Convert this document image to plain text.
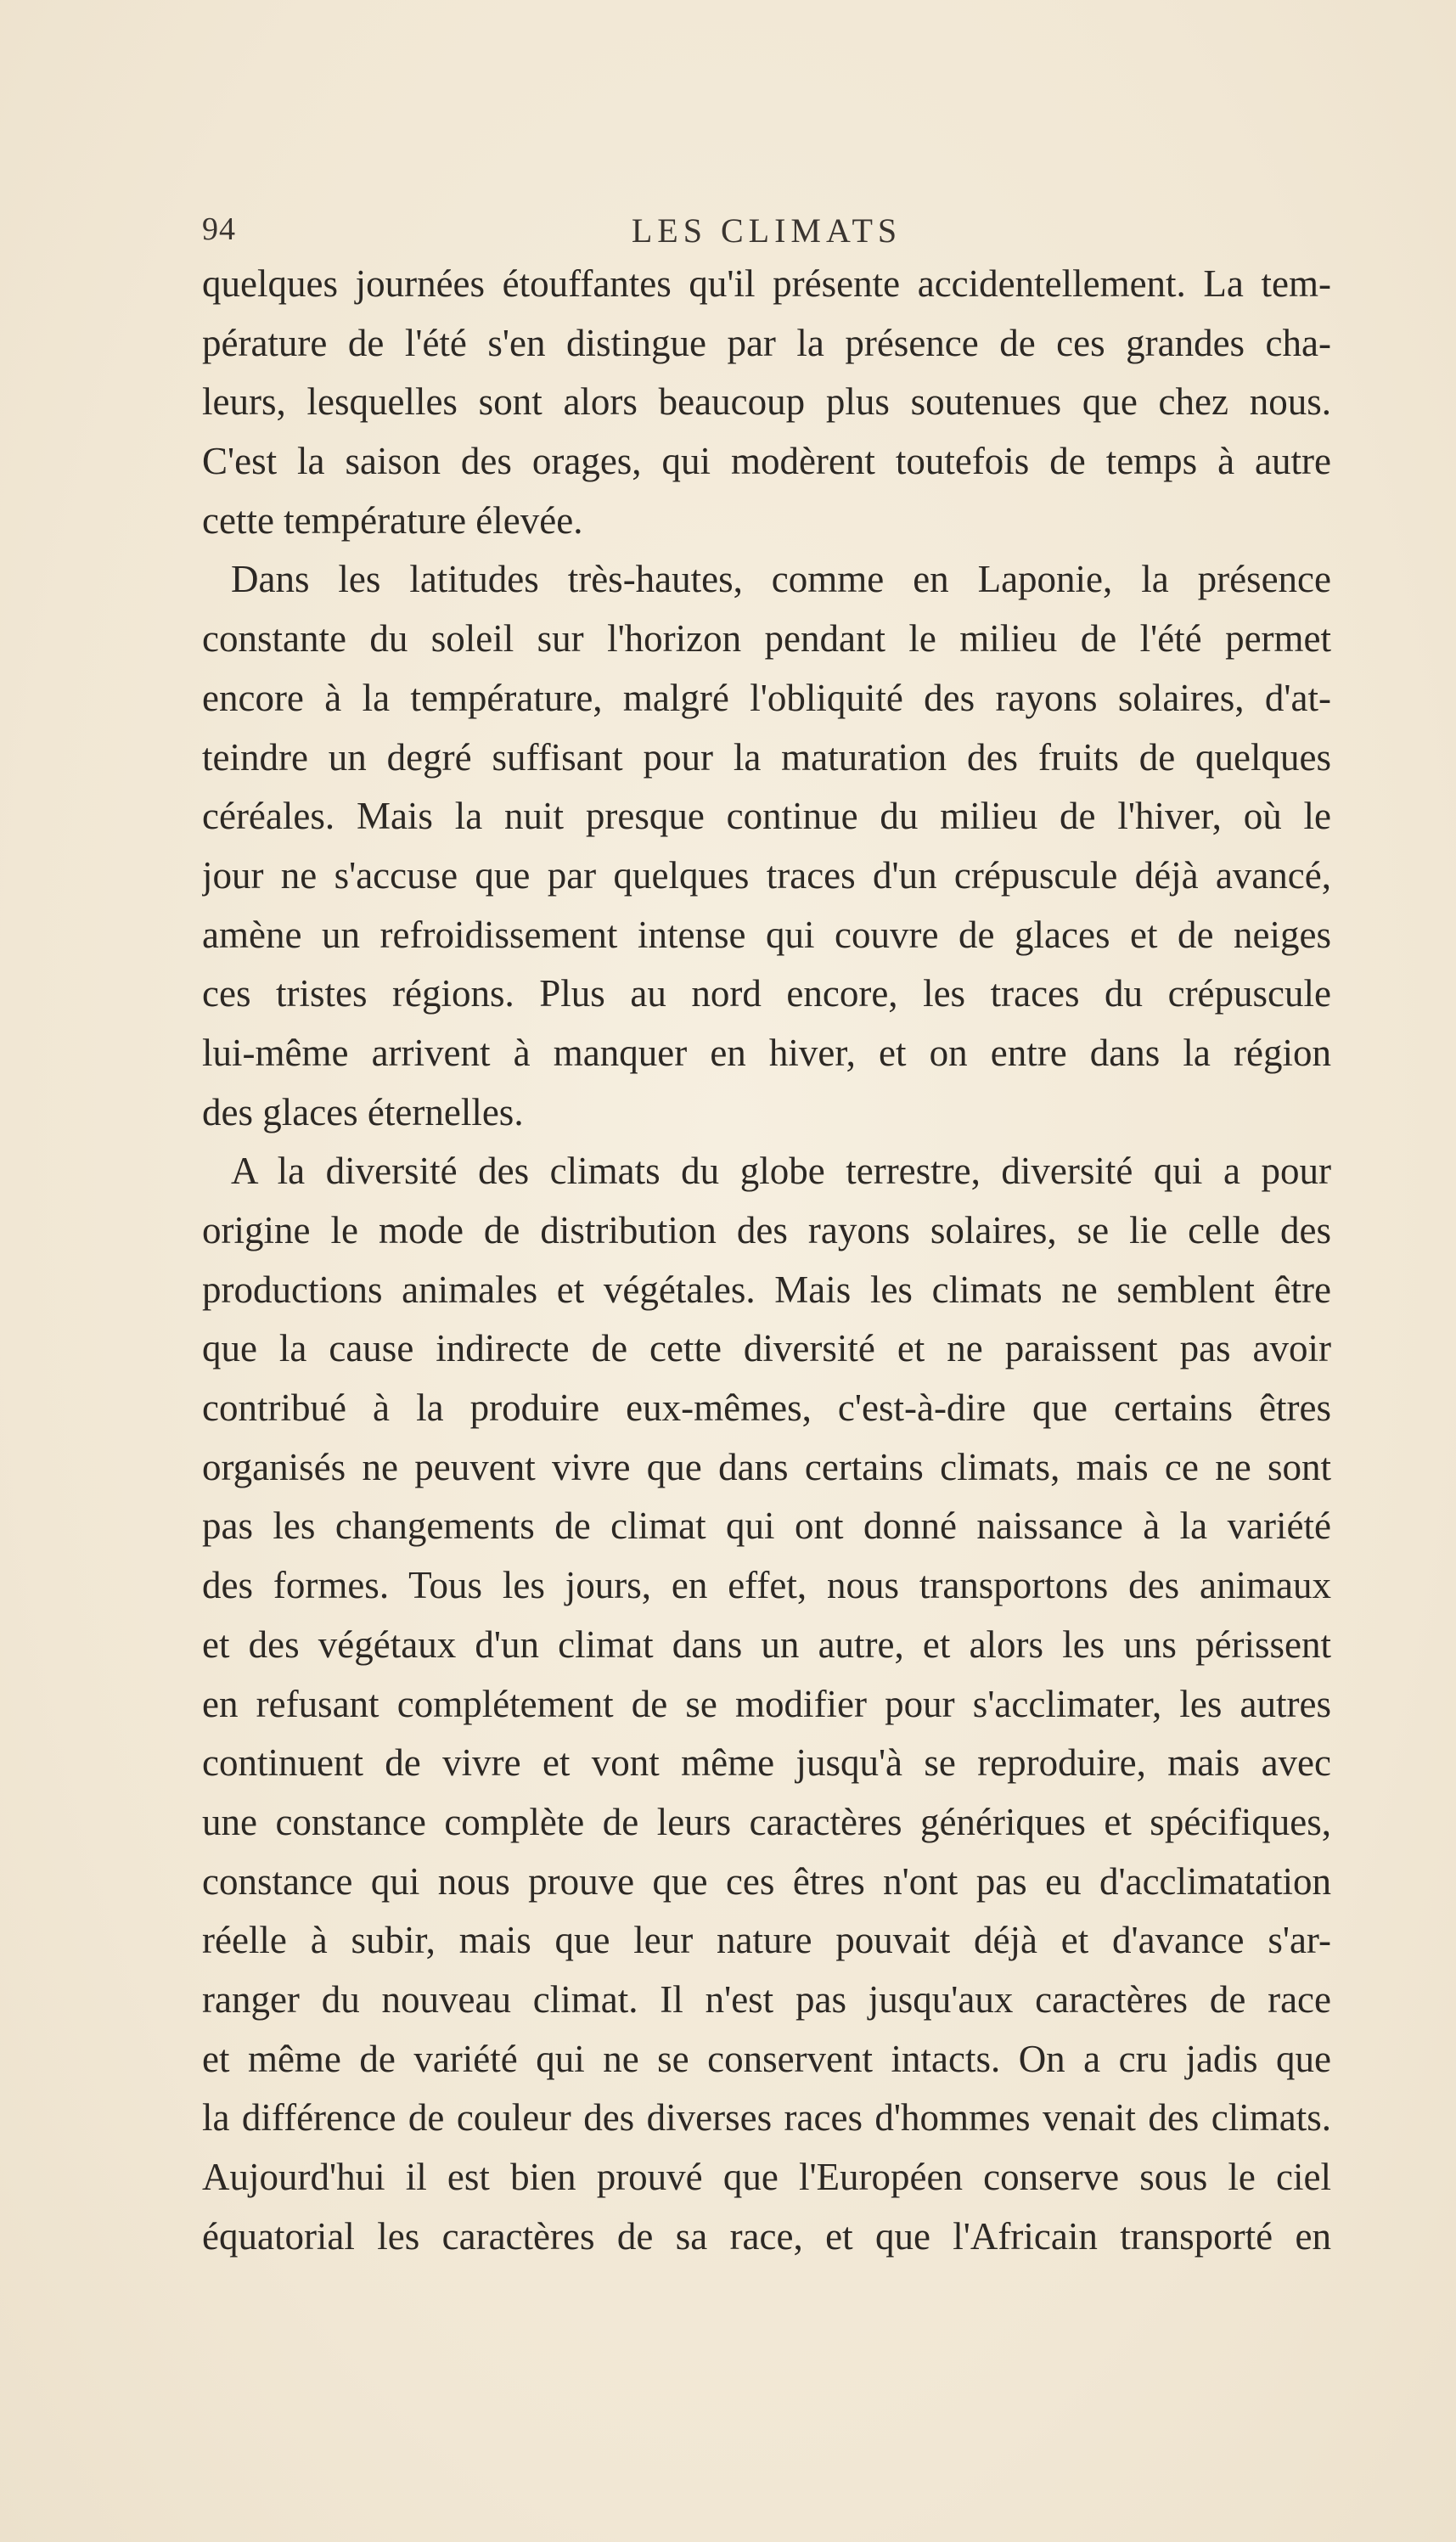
94	LES CLIMATS
quelques journées étouffantes qu'il présente accidentellement. La tem-
pérature de l'été s'en distingue par la présence de ces grandes cha-
leurs, lesquelles sont alors beaucoup plus soutenues que chez nous.
C'est la saison des orages, qui modèrent toutefois de temps à autre
cette température élevée.
Dans les latitudes très-hautes, comme en Laponie, la présence
constante du soleil sur l'horizon pendant le milieu de l'été permet
encore à la température, malgré l'obliquité des rayons solaires, d'at-
teindre un degré suffisant pour la maturation des fruits de quelques
céréales. Mais la nuit presque continue du milieu de l'hiver, où le
jour ne s'accuse que par quelques traces d'un crépuscule déjà avancé,
amène un refroidissement intense qui couvre de glaces et de neiges
ces tristes régions. Plus au nord encore, les traces du crépuscule
lui-même arrivent à manquer en hiver, et on entre dans la région
des glaces éternelles.
A la diversité des climats du globe terrestre, diversité qui a pour
origine le mode de distribution des rayons solaires, se lie celle des
productions animales et végétales. Mais les climats ne semblent être
que la cause indirecte de cette diversité et ne paraissent pas avoir
contribué à la produire eux-mêmes, c'est-à-dire que certains êtres
organisés ne peuvent vivre que dans certains climats, mais ce ne sont
pas les changements de climat qui ont donné naissance à la variété
des formes. Tous les jours, en effet, nous transportons des animaux
et des végétaux d'un climat dans un autre, et alors les uns périssent
en refusant complétement de se modifier pour s'acclimater, les autres
continuent de vivre et vont même jusqu'à se reproduire, mais avec
une constance complète de leurs caractères génériques et spécifiques,
constance qui nous prouve que ces êtres n'ont pas eu d'acclimatation
réelle à subir, mais que leur nature pouvait déjà et d'avance s'ar-
ranger du nouveau climat. Il n'est pas jusqu'aux caractères de race
et même de variété qui ne se conservent intacts. On a cru jadis que
la différence de couleur des diverses races d'hommes venait des climats.
Aujourd'hui il est bien prouvé que l'Européen conserve sous le ciel
équatorial les caractères de sa race, et que l'Africain transporté en
